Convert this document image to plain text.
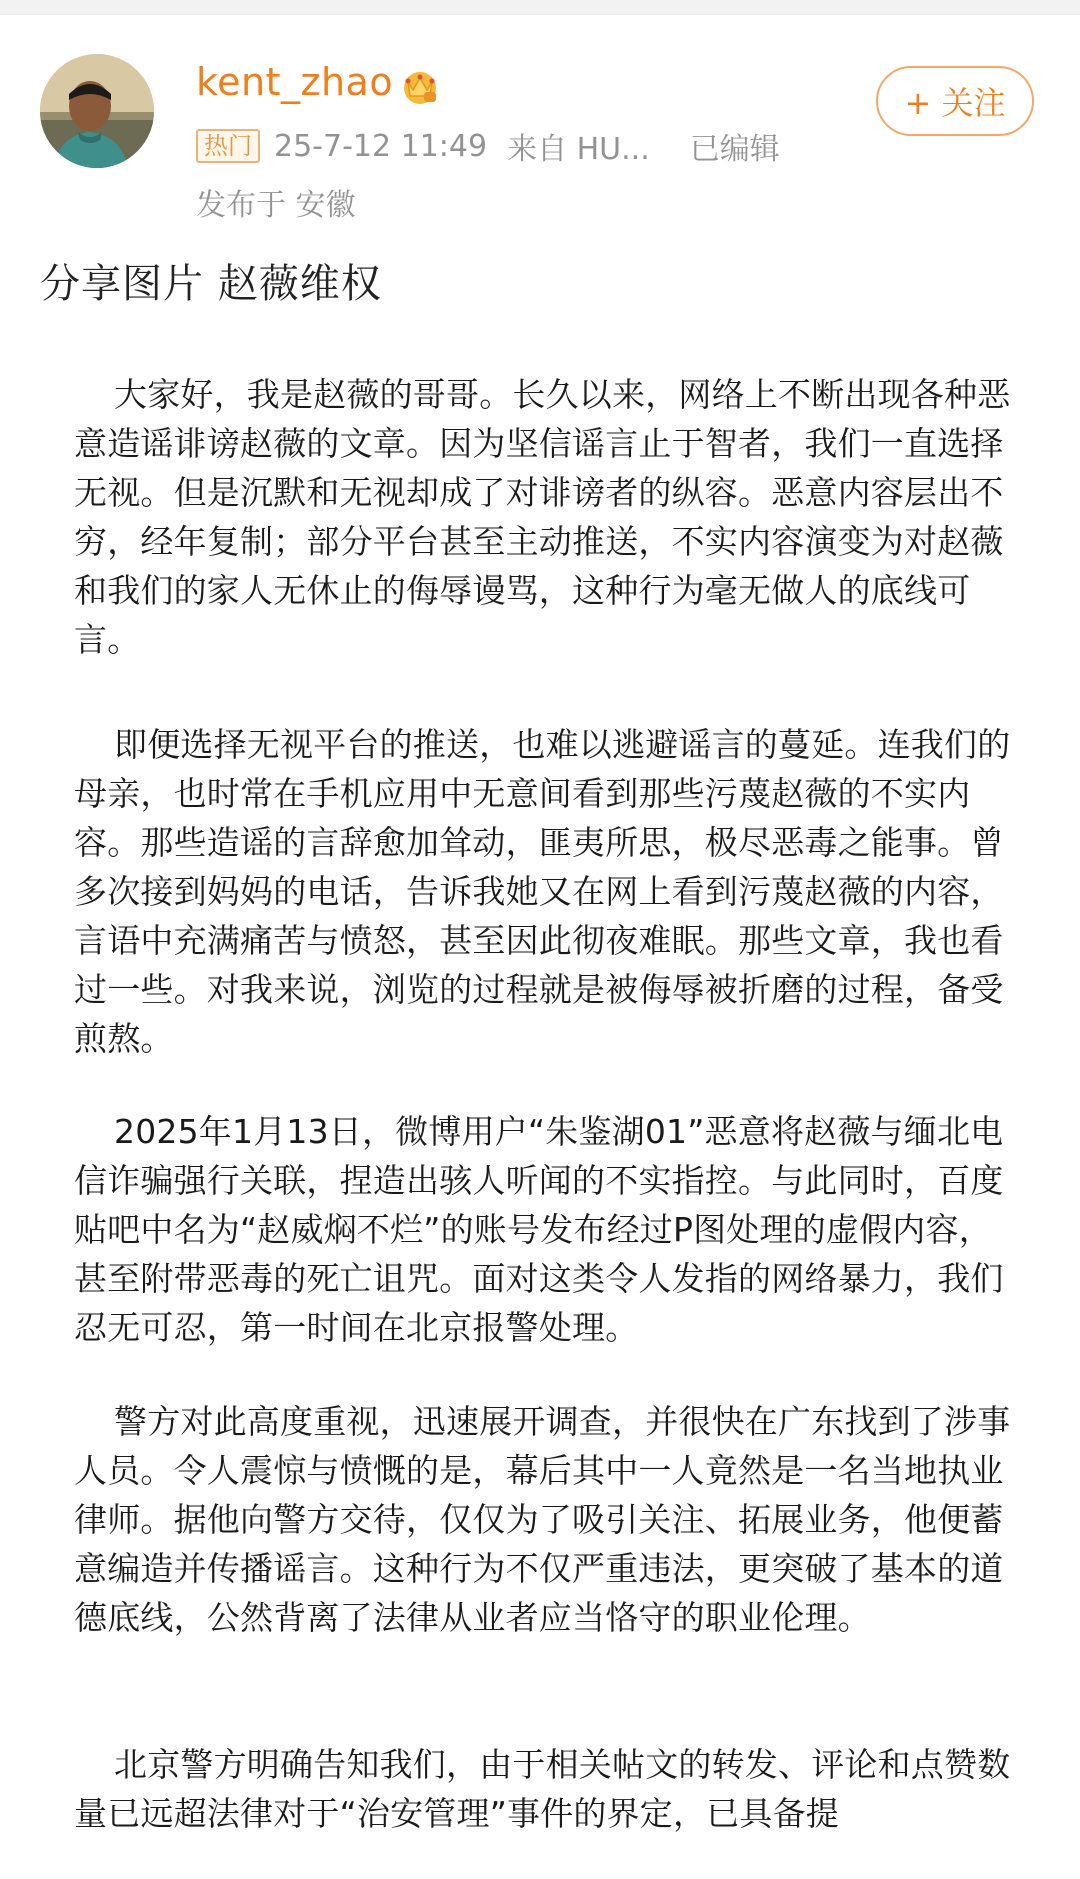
kent_zhao
热门 25-7-12 11:49 来自 HU... 已编辑
发布于 安徽
+ 关注
分享图片 赵薇维权
大家好，我是赵薇的哥哥。长久以来，网络上不断出现各种恶意造谣诽谤赵薇的文章。因为坚信谣言止于智者，我们一直选择无视。但是沉默和无视却成了对诽谤者的纵容。恶意内容层出不穷，经年复制；部分平台甚至主动推送，不实内容演变为对赵薇和我们的家人无休止的侮辱谩骂，这种行为毫无做人的底线可言。
即便选择无视平台的推送，也难以逃避谣言的蔓延。连我们的母亲，也时常在手机应用中无意间看到那些污蔑赵薇的不实内容。那些造谣的言辞愈加耸动，匪夷所思，极尽恶毒之能事。曾多次接到妈妈的电话，告诉我她又在网上看到污蔑赵薇的内容，言语中充满痛苦与愤怒，甚至因此彻夜难眠。那些文章，我也看过一些。对我来说，浏览的过程就是被侮辱被折磨的过程，备受煎熬。
2025年1月13日，微博用户“朱鉴湖01”恶意将赵薇与缅北电信诈骗强行关联，捏造出骇人听闻的不实指控。与此同时，百度贴吧中名为“赵威焖不烂”的账号发布经过P图处理的虚假内容，甚至附带恶毒的死亡诅咒。面对这类令人发指的网络暴力，我们忍无可忍，第一时间在北京报警处理。
警方对此高度重视，迅速展开调查，并很快在广东找到了涉事人员。令人震惊与愤慨的是，幕后其中一人竟然是一名当地执业律师。据他向警方交待，仅仅为了吸引关注、拓展业务，他便蓄意编造并传播谣言。这种行为不仅严重违法，更突破了基本的道德底线，公然背离了法律从业者应当恪守的职业伦理。
北京警方明确告知我们，由于相关帖文的转发、评论和点赞数量已远超法律对于“治安管理”事件的界定，已具备提
